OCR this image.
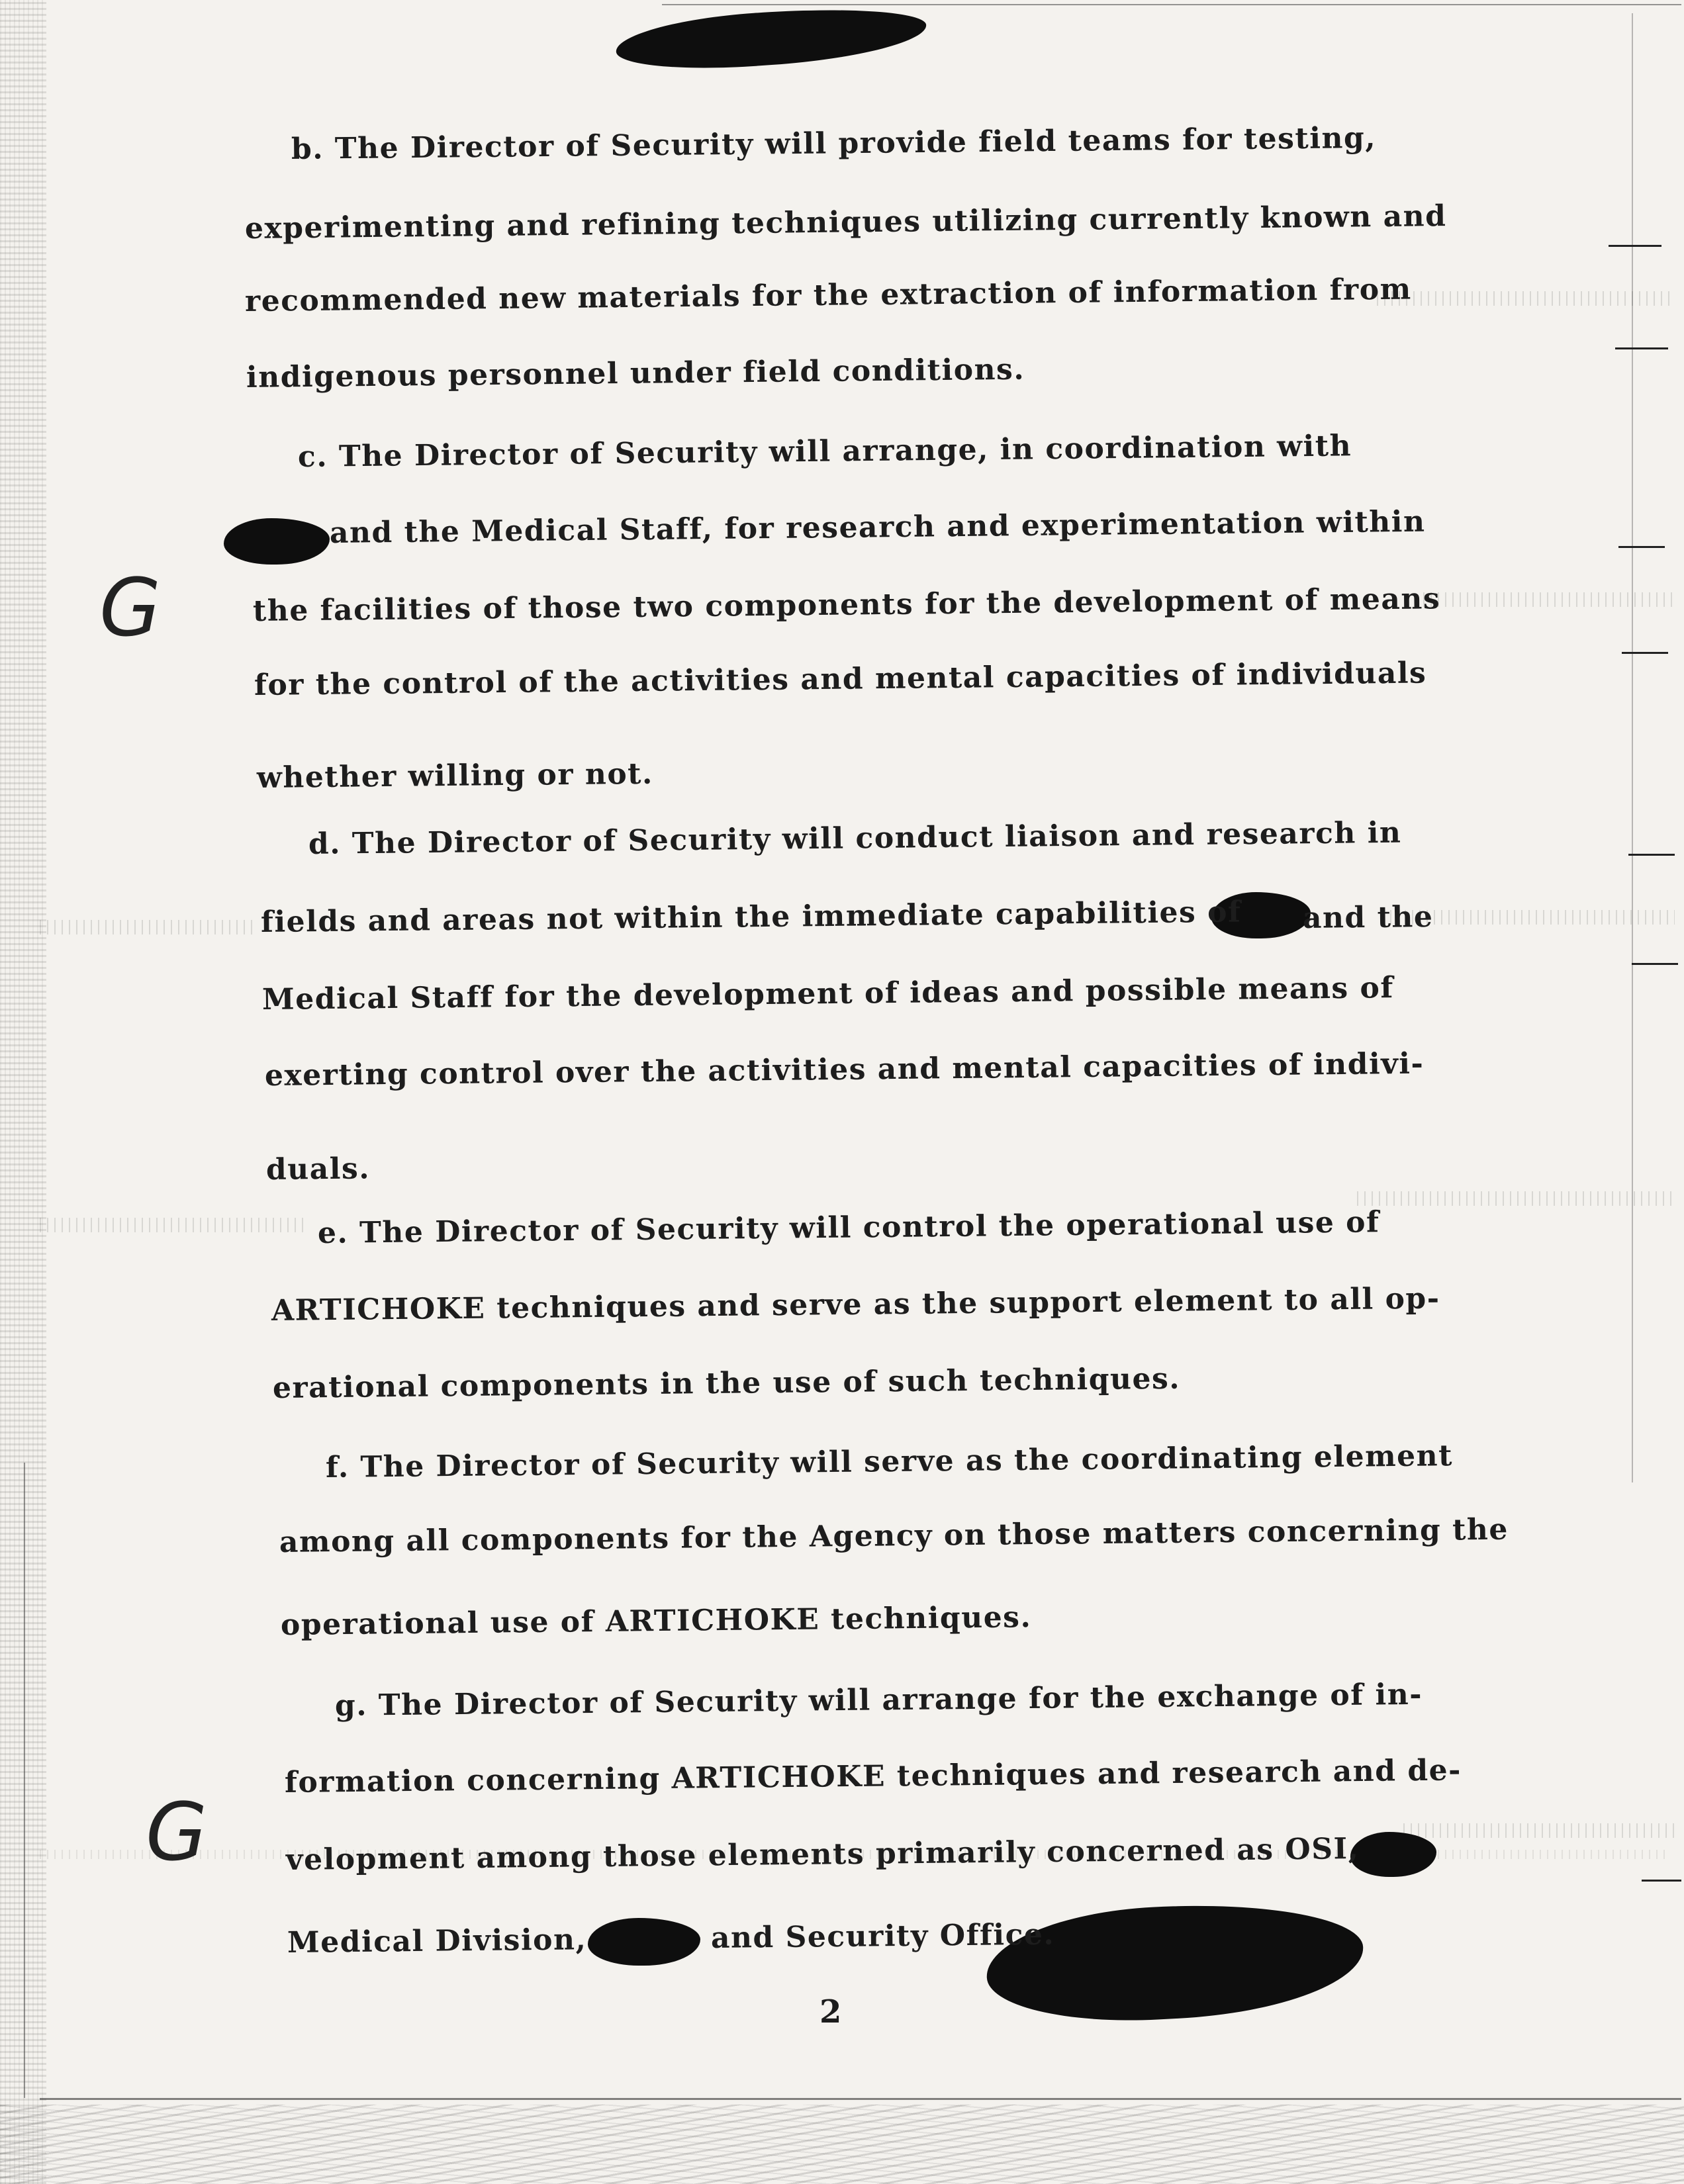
G
G
b. The Director of Security will provide field teams for testing,
experimenting and refining techniques utilizing currently known and
recommended new materials for the extraction of information from
indigenous personnel under field conditions.
c. The Director of Security will arrange, in coordination with
and the Medical Staff, for research and experimentation within
the facilities of those two components for the development of means
for the control of the activities and mental capacities of individuals
whether willing or not.
d. The Director of Security will conduct liaison and research in
fields and areas not within the immediate capabilities of and the
Medical Staff for the development of ideas and possible means of
exerting control over the activities and mental capacities of indivi-
duals.
e. The Director of Security will control the operational use of
ARTICHOKE techniques and serve as the support element to all op-
erational components in the use of such techniques.
f. The Director of Security will serve as the coordinating element
among all components for the Agency on those matters concerning the
operational use of ARTICHOKE techniques.
g. The Director of Security will arrange for the exchange of in-
formation concerning ARTICHOKE techniques and research and de-
velopment among those elements primarily concerned as OSI,
Medical Division,	and Security Office.
2
